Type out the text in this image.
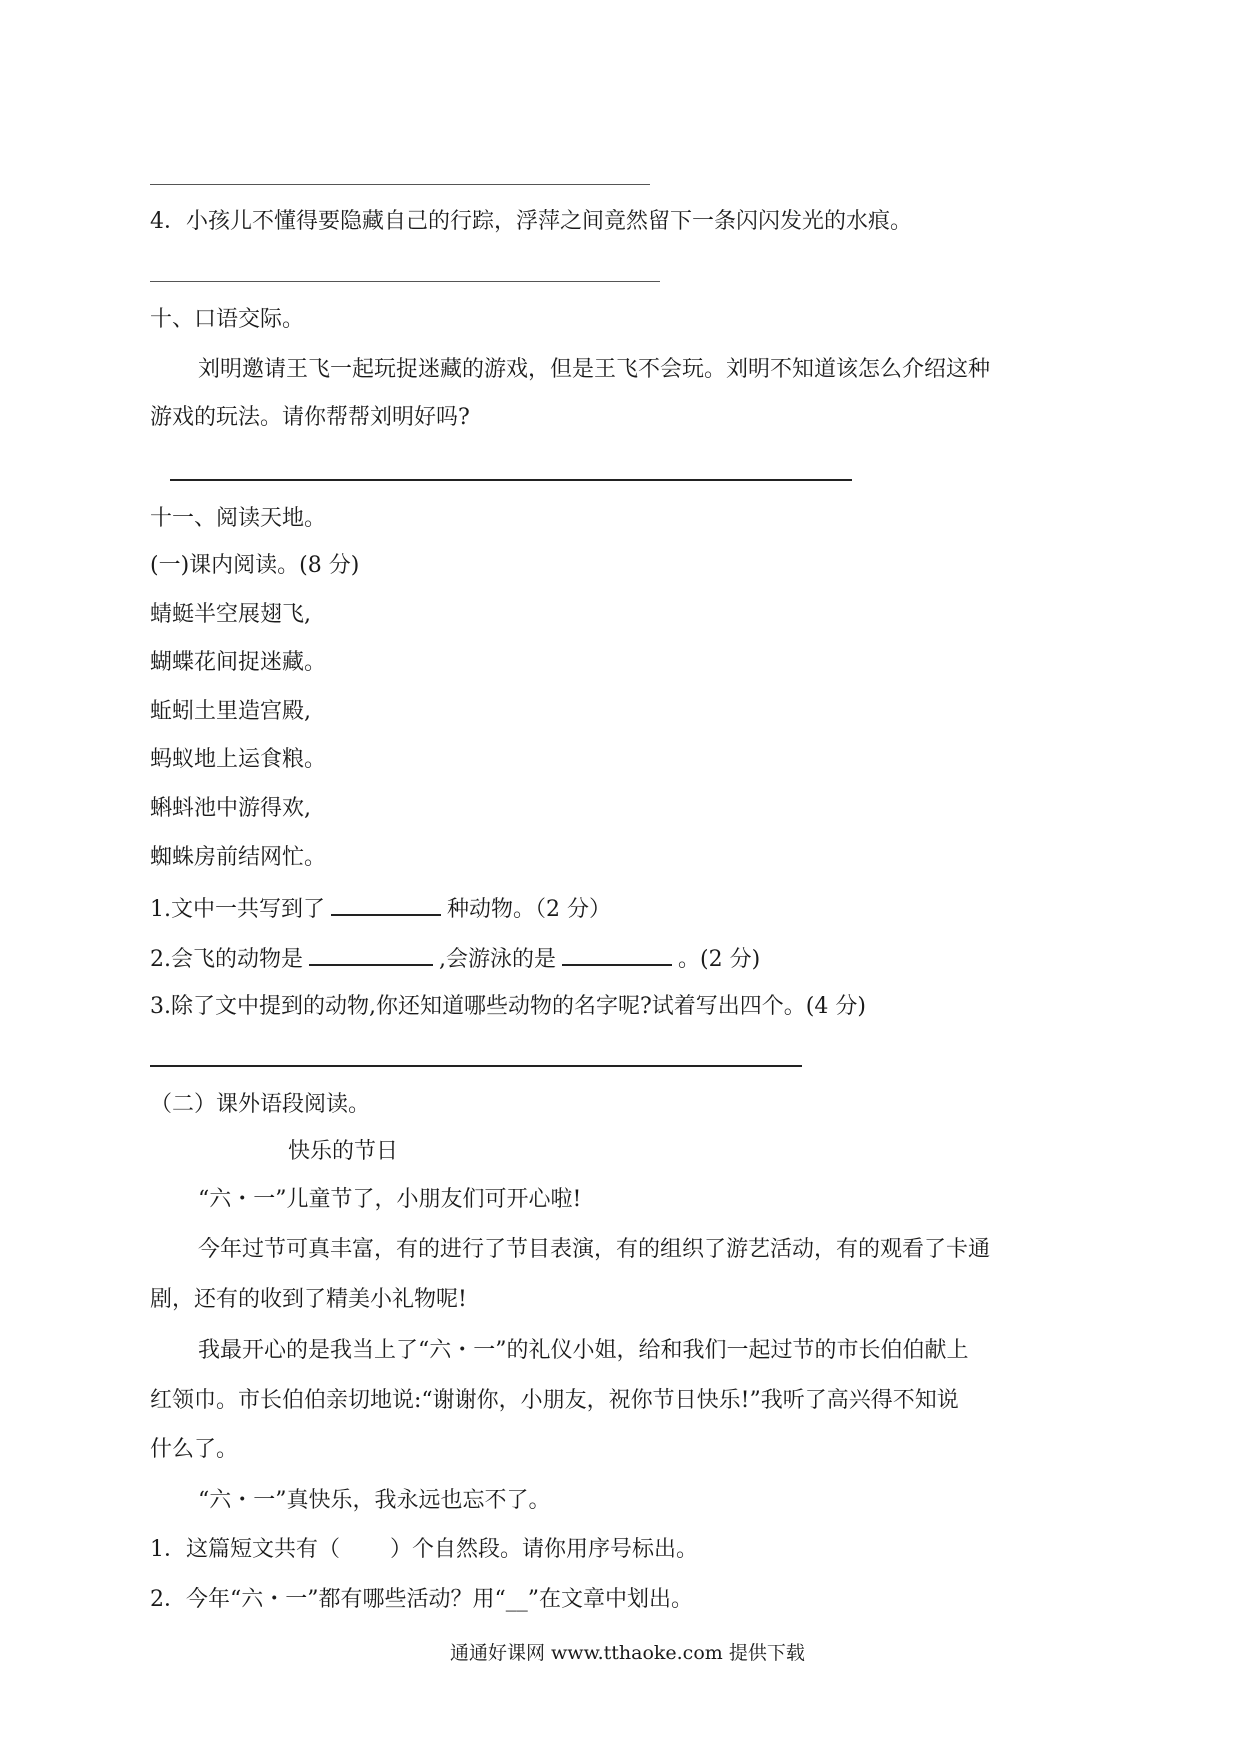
4．小孩儿不懂得要隐藏自己的行踪，浮萍之间竟然留下一条闪闪发光的水痕。
十、口语交际。
刘明邀请王飞一起玩捉迷藏的游戏，但是王飞不会玩。刘明不知道该怎么介绍这种
游戏的玩法。请你帮帮刘明好吗?
十一、阅读天地。
(一)课内阅读。(8 分)
蜻蜓半空展翅飞,
蝴蝶花间捉迷藏。
蚯蚓土里造宫殿,
蚂蚁地上运食粮。
蝌蚪池中游得欢,
蜘蛛房前结网忙。
1.文中一共写到了	种动物。（2 分）
2.会飞的动物是	,会游泳的是	。(2 分)
3.除了文中提到的动物,你还知道哪些动物的名字呢?试着写出四个。(4 分)
（二）课外语段阅读。
快乐的节日
“六・一”儿童节了，小朋友们可开心啦!
今年过节可真丰富，有的进行了节目表演，有的组织了游艺活动，有的观看了卡通
剧，还有的收到了精美小礼物呢!
我最开心的是我当上了“六・一”的礼仪小姐，给和我们一起过节的市长伯伯献上
红领巾。市长伯伯亲切地说:“谢谢你，小朋友，祝你节日快乐!”我听了高兴得不知说
什么了。
“六・一”真快乐，我永远也忘不了。
1．这篇短文共有（ ）个自然段。请你用序号标出。
2．今年“六・一”都有哪些活动？用“__”在文章中划出。
通通好课网 www.tthaoke.com 提供下载
